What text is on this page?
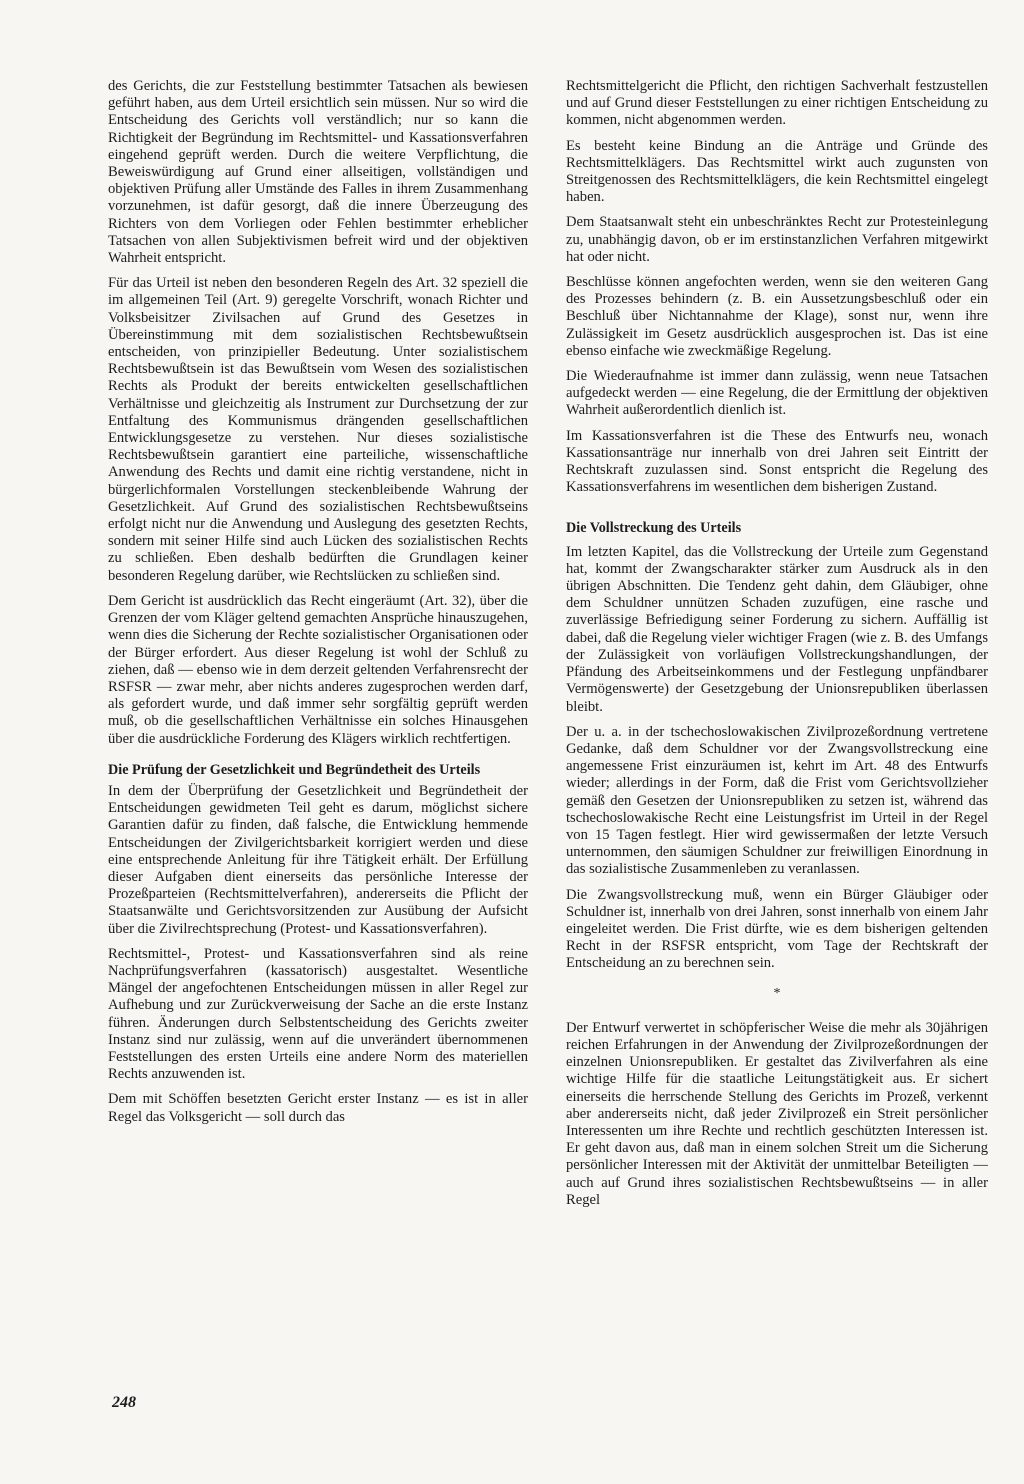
des Gerichts, die zur Feststellung bestimmter Tatsachen als bewiesen geführt haben, aus dem Urteil ersichtlich sein müssen. Nur so wird die Entscheidung des Gerichts voll verständlich; nur so kann die Richtigkeit der Begründung im Rechtsmittel- und Kassationsverfahren eingehend geprüft werden. Durch die weitere Verpflichtung, die Beweiswürdigung auf Grund einer allseitigen, vollständigen und objektiven Prüfung aller Umstände des Falles in ihrem Zusammenhang vorzunehmen, ist dafür gesorgt, daß die innere Überzeugung des Richters von dem Vorliegen oder Fehlen bestimmter erheblicher Tatsachen von allen Subjektivismen befreit wird und der objektiven Wahrheit entspricht.

Für das Urteil ist neben den besonderen Regeln des Art. 32 speziell die im allgemeinen Teil (Art. 9) geregelte Vorschrift, wonach Richter und Volksbeisitzer Zivilsachen auf Grund des Gesetzes in Übereinstimmung mit dem sozialistischen Rechtsbewußtsein entscheiden, von prinzipieller Bedeutung. Unter sozialistischem Rechtsbewußtsein ist das Bewußtsein vom Wesen des sozialistischen Rechts als Produkt der bereits entwickelten gesellschaftlichen Verhältnisse und gleichzeitig als Instrument zur Durchsetzung der zur Entfaltung des Kommunismus drängenden gesellschaftlichen Entwicklungsgesetze zu verstehen. Nur dieses sozialistische Rechtsbewußtsein garantiert eine parteiliche, wissenschaftliche Anwendung des Rechts und damit eine richtig verstandene, nicht in bürgerlichformalen Vorstellungen steckenbleibende Wahrung der Gesetzlichkeit. Auf Grund des sozialistischen Rechtsbewußtseins erfolgt nicht nur die Anwendung und Auslegung des gesetzten Rechts, sondern mit seiner Hilfe sind auch Lücken des sozialistischen Rechts zu schließen. Eben deshalb bedürften die Grundlagen keiner besonderen Regelung darüber, wie Rechtslücken zu schließen sind.

Dem Gericht ist ausdrücklich das Recht eingeräumt (Art. 32), über die Grenzen der vom Kläger geltend gemachten Ansprüche hinauszugehen, wenn dies die Sicherung der Rechte sozialistischer Organisationen oder der Bürger erfordert. Aus dieser Regelung ist wohl der Schluß zu ziehen, daß — ebenso wie in dem derzeit geltenden Verfahrensrecht der RSFSR — zwar mehr, aber nichts anderes zugesprochen werden darf, als gefordert wurde, und daß immer sehr sorgfältig geprüft werden muß, ob die gesellschaftlichen Verhältnisse ein solches Hinausgehen über die ausdrückliche Forderung des Klägers wirklich rechtfertigen.

Die Prüfung der Gesetzlichkeit und Begründetheit des Urteils

In dem der Überprüfung der Gesetzlichkeit und Begründetheit der Entscheidungen gewidmeten Teil geht es darum, möglichst sichere Garantien dafür zu finden, daß falsche, die Entwicklung hemmende Entscheidungen der Zivilgerichtsbarkeit korrigiert werden und diese eine entsprechende Anleitung für ihre Tätigkeit erhält. Der Erfüllung dieser Aufgaben dient einerseits das persönliche Interesse der Prozeßparteien (Rechtsmittelverfahren), andererseits die Pflicht der Staatsanwälte und Gerichtsvorsitzenden zur Ausübung der Aufsicht über die Zivilrechtsprechung (Protest- und Kassationsverfahren).

Rechtsmittel-, Protest- und Kassationsverfahren sind als reine Nachprüfungsverfahren (kassatorisch) ausgestaltet. Wesentliche Mängel der angefochtenen Entscheidungen müssen in aller Regel zur Aufhebung und zur Zurückverweisung der Sache an die erste Instanz führen. Änderungen durch Selbstentscheidung des Gerichts zweiter Instanz sind nur zulässig, wenn auf die unverändert übernommenen Feststellungen des ersten Urteils eine andere Norm des materiellen Rechts anzuwenden ist.

Dem mit Schöffen besetzten Gericht erster Instanz — es ist in aller Regel das Volksgericht — soll durch das

Rechtsmittelgericht die Pflicht, den richtigen Sachverhalt festzustellen und auf Grund dieser Feststellungen zu einer richtigen Entscheidung zu kommen, nicht abgenommen werden.

Es besteht keine Bindung an die Anträge und Gründe des Rechtsmittelklägers. Das Rechtsmittel wirkt auch zugunsten von Streitgenossen des Rechtsmittelklägers, die kein Rechtsmittel eingelegt haben.

Dem Staatsanwalt steht ein unbeschränktes Recht zur Protesteinlegung zu, unabhängig davon, ob er im erstinstanzlichen Verfahren mitgewirkt hat oder nicht.

Beschlüsse können angefochten werden, wenn sie den weiteren Gang des Prozesses behindern (z. B. ein Aussetzungsbeschluß oder ein Beschluß über Nichtannahme der Klage), sonst nur, wenn ihre Zulässigkeit im Gesetz ausdrücklich ausgesprochen ist. Das ist eine ebenso einfache wie zweckmäßige Regelung.

Die Wiederaufnahme ist immer dann zulässig, wenn neue Tatsachen aufgedeckt werden — eine Regelung, die der Ermittlung der objektiven Wahrheit außerordentlich dienlich ist.

Im Kassationsverfahren ist die These des Entwurfs neu, wonach Kassationsanträge nur innerhalb von drei Jahren seit Eintritt der Rechtskraft zuzulassen sind. Sonst entspricht die Regelung des Kassationsverfahrens im wesentlichen dem bisherigen Zustand.

Die Vollstreckung des Urteils

Im letzten Kapitel, das die Vollstreckung der Urteile zum Gegenstand hat, kommt der Zwangscharakter stärker zum Ausdruck als in den übrigen Abschnitten. Die Tendenz geht dahin, dem Gläubiger, ohne dem Schuldner unnützen Schaden zuzufügen, eine rasche und zuverlässige Befriedigung seiner Forderung zu sichern. Auffällig ist dabei, daß die Regelung vieler wichtiger Fragen (wie z. B. des Umfangs der Zulässigkeit von vorläufigen Vollstreckungshandlungen, der Pfändung des Arbeitseinkommens und der Festlegung unpfändbarer Vermögenswerte) der Gesetzgebung der Unionsrepubliken überlassen bleibt.

Der u. a. in der tschechoslowakischen Zivilprozeßordnung vertretene Gedanke, daß dem Schuldner vor der Zwangsvollstreckung eine angemessene Frist einzuräumen ist, kehrt im Art. 48 des Entwurfs wieder; allerdings in der Form, daß die Frist vom Gerichtsvollzieher gemäß den Gesetzen der Unionsrepubliken zu setzen ist, während das tschechoslowakische Recht eine Leistungsfrist im Urteil in der Regel von 15 Tagen festlegt. Hier wird gewissermaßen der letzte Versuch unternommen, den säumigen Schuldner zur freiwilligen Einordnung in das sozialistische Zusammenleben zu veranlassen.

Die Zwangsvollstreckung muß, wenn ein Bürger Gläubiger oder Schuldner ist, innerhalb von drei Jahren, sonst innerhalb von einem Jahr eingeleitet werden. Die Frist dürfte, wie es dem bisherigen geltenden Recht in der RSFSR entspricht, vom Tage der Rechtskraft der Entscheidung an zu berechnen sein.

*

Der Entwurf verwertet in schöpferischer Weise die mehr als 30jährigen reichen Erfahrungen in der Anwendung der Zivilprozeßordnungen der einzelnen Unionsrepubliken. Er gestaltet das Zivilverfahren als eine wichtige Hilfe für die staatliche Leitungstätigkeit aus. Er sichert einerseits die herrschende Stellung des Gerichts im Prozeß, verkennt aber andererseits nicht, daß jeder Zivilprozeß ein Streit persönlicher Interessenten um ihre Rechte und rechtlich geschützten Interessen ist. Er geht davon aus, daß man in einem solchen Streit um die Sicherung persönlicher Interessen mit der Aktivität der unmittelbar Beteiligten — auch auf Grund ihres sozialistischen Rechtsbewußtseins — in aller Regel

248
